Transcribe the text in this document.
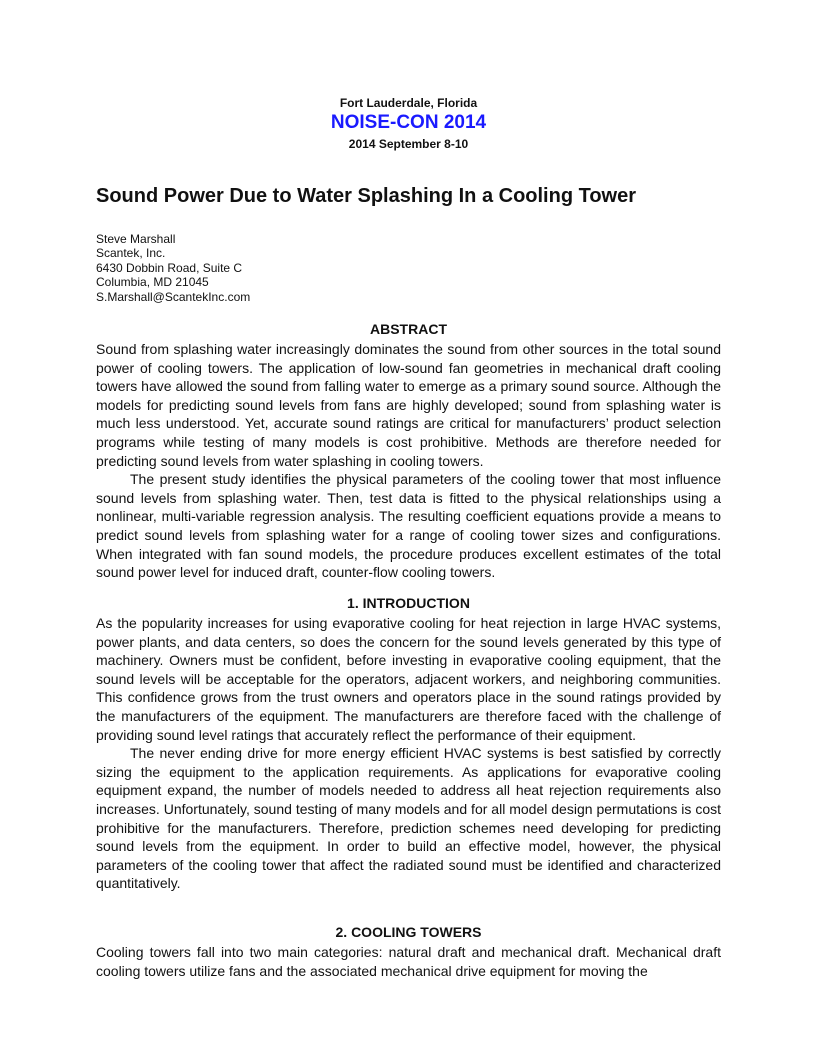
Fort Lauderdale, Florida
NOISE-CON 2014
2014 September 8-10
Sound Power Due to Water Splashing In a Cooling Tower
Steve Marshall
Scantek, Inc.
6430 Dobbin Road, Suite C
Columbia, MD 21045
S.Marshall@ScantekInc.com
ABSTRACT

Sound from splashing water increasingly dominates the sound from other sources in the total sound power of cooling towers. The application of low-sound fan geometries in mechanical draft cooling towers have allowed the sound from falling water to emerge as a primary sound source. Although the models for predicting sound levels from fans are highly developed; sound from splashing water is much less understood. Yet, accurate sound ratings are critical for manufacturers’ product selection programs while testing of many models is cost prohibitive. Methods are therefore needed for predicting sound levels from water splashing in cooling towers.

The present study identifies the physical parameters of the cooling tower that most influence sound levels from splashing water. Then, test data is fitted to the physical relationships using a nonlinear, multi-variable regression analysis. The resulting coefficient equations provide a means to predict sound levels from splashing water for a range of cooling tower sizes and configurations. When integrated with fan sound models, the procedure produces excellent estimates of the total sound power level for induced draft, counter-flow cooling towers.

1. INTRODUCTION

As the popularity increases for using evaporative cooling for heat rejection in large HVAC systems, power plants, and data centers, so does the concern for the sound levels generated by this type of machinery. Owners must be confident, before investing in evaporative cooling equipment, that the sound levels will be acceptable for the operators, adjacent workers, and neighboring communities. This confidence grows from the trust owners and operators place in the sound ratings provided by the manufacturers of the equipment. The manufacturers are therefore faced with the challenge of providing sound level ratings that accurately reflect the performance of their equipment.

The never ending drive for more energy efficient HVAC systems is best satisfied by correctly sizing the equipment to the application requirements. As applications for evaporative cooling equipment expand, the number of models needed to address all heat rejection requirements also increases. Unfortunately, sound testing of many models and for all model design permutations is cost prohibitive for the manufacturers. Therefore, prediction schemes need developing for predicting sound levels from the equipment. In order to build an effective model, however, the physical parameters of the cooling tower that affect the radiated sound must be identified and characterized quantitatively.

2. COOLING TOWERS

Cooling towers fall into two main categories: natural draft and mechanical draft. Mechanical draft cooling towers utilize fans and the associated mechanical drive equipment for moving the
